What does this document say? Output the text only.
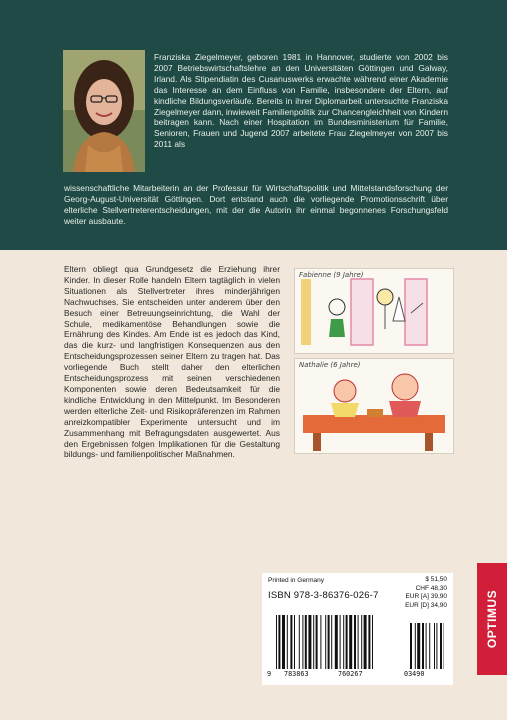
Franziska Ziegelmeyer, geboren 1981 in Hannover, studierte von 2002 bis 2007 Betriebswirtschaftslehre an den Universitäten Göttingen und Galway, Irland. Als Stipendiatin des Cusanuswerks erwachte während einer Akademie das Interesse an dem Einfluss von Familie, insbesondere der Eltern, auf kindliche Bildungsverläufe. Bereits in ihrer Diplomarbeit untersuchte Franziska Ziegelmeyer dann, inwieweit Familienpolitik zur Chancengleichheit von Kindern beitragen kann. Nach einer Hospitation im Bundesministerium für Familie, Senioren, Frauen und Jugend 2007 arbeitete Frau Ziegelmeyer von 2007 bis 2011 als
wissenschaftliche Mitarbeiterin an der Professur für Wirtschaftspolitik und Mittelstandsforschung der Georg-August-Universität Göttingen. Dort entstand auch die vorliegende Promotionsschrift über elterliche Stellvertreterentscheidungen, mit der die Autorin ihr einmal begonnenes Forschungsfeld weiter ausbaute.
Eltern obliegt qua Grundgesetz die Erziehung ihrer Kinder. In dieser Rolle handeln Eltern tagtäglich in vielen Situationen als Stellvertreter ihres minderjährigen Nachwuchses. Sie entscheiden unter anderem über den Besuch einer Betreuungseinrichtung, die Wahl der Schule, medikamentöse Behandlungen sowie die Ernährung des Kindes. Am Ende ist es jedoch das Kind, das die kurz- und langfristigen Konsequenzen aus den Entscheidungsprozessen seiner Eltern zu tragen hat. Das vorliegende Buch stellt daher den elterlichen Entscheidungsprozess mit seinen verschiedenen Komponenten sowie deren Bedeutsamkeit für die kindliche Entwicklung in den Mittelpunkt. Im Besonderen werden elterliche Zeit- und Risikopräferenzen im Rahmen anreizkompatibler Experimente untersucht und im Zusammenhang mit Befragungsdaten ausgewertet. Aus den Ergebnissen folgen Implikationen für die Gestaltung bildungs- und familienpolitischer Maßnahmen.
Fabienne (9 Jahre)
Nathalie (6 Jahre)
Printed in Germany
ISBN 978-3-86376-026-7
$ 51,50
CHF 48,30
EUR [A] 39,90
EUR [D] 34,90
9 783863	760267	03490
OPTIMUS
